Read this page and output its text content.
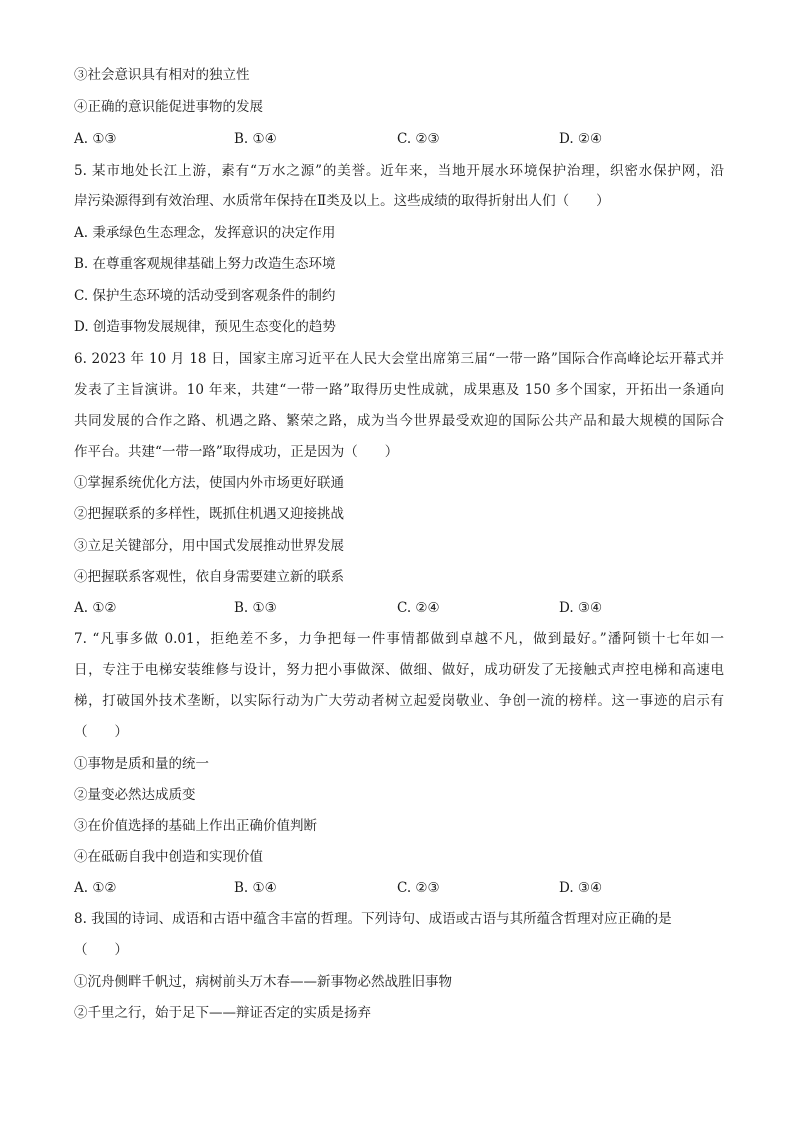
③社会意识具有相对的独立性
④正确的意识能促进事物的发展
A. ①③	B. ①④	C. ②③	D. ②④
5. 某市地处长江上游，素有“万水之源”的美誉。近年来，当地开展水环境保护治理，织密水保护网，沿
岸污染源得到有效治理、水质常年保持在Ⅱ类及以上。这些成绩的取得折射出人们（　　）
A. 秉承绿色生态理念，发挥意识的决定作用
B. 在尊重客观规律基础上努力改造生态环境
C. 保护生态环境的活动受到客观条件的制约
D. 创造事物发展规律，预见生态变化的趋势
6. 2023 年 10 月 18 日，国家主席习近平在人民大会堂出席第三届“一带一路”国际合作高峰论坛开幕式并
发表了主旨演讲。10 年来，共建“一带一路”取得历史性成就，成果惠及 150 多个国家，开拓出一条通向
共同发展的合作之路、机遇之路、繁荣之路，成为当今世界最受欢迎的国际公共产品和最大规模的国际合
作平台。共建“一带一路”取得成功，正是因为（　　）
①掌握系统优化方法，使国内外市场更好联通
②把握联系的多样性，既抓住机遇又迎接挑战
③立足关键部分，用中国式发展推动世界发展
④把握联系客观性，依自身需要建立新的联系
A. ①②	B. ①③	C. ②④	D. ③④
7. “凡事多做 0.01，拒绝差不多，力争把每一件事情都做到卓越不凡，做到最好。”潘阿锁十七年如一
日，专注于电梯安装维修与设计，努力把小事做深、做细、做好，成功研发了无接触式声控电梯和高速电
梯，打破国外技术垄断，以实际行动为广大劳动者树立起爱岗敬业、争创一流的榜样。这一事迹的启示有
（　　）
①事物是质和量的统一
②量变必然达成质变
③在价值选择的基础上作出正确价值判断
④在砥砺自我中创造和实现价值
A. ①②	B. ①④	C. ②③	D. ③④
8. 我国的诗词、成语和古语中蕴含丰富的哲理。下列诗句、成语或古语与其所蕴含哲理对应正确的是
（　　）
①沉舟侧畔千帆过，病树前头万木春——新事物必然战胜旧事物
②千里之行，始于足下——辩证否定的实质是扬弃
